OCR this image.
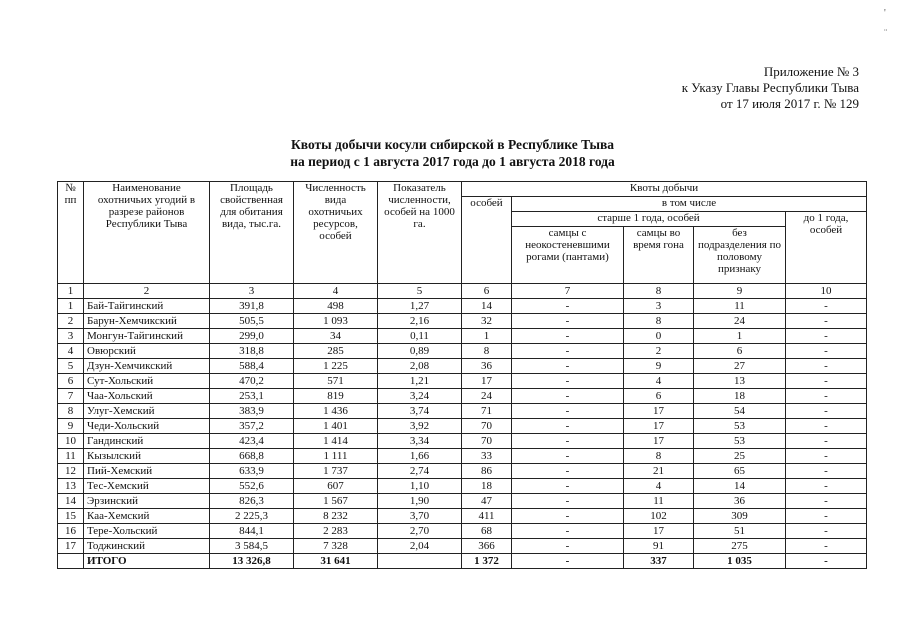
'
¨
Приложение № 3
к Указу Главы Республики Тыва
от 17 июля 2017 г. № 129
Квоты добычи косули сибирской в Республике Тыва
на период с 1 августа 2017 года до 1 августа 2018 года
№ пп	Наименование охотничьих угодий в разрезе районов Республики Тыва	Площадь свойственная для обитания вида, тыс.га.	Численность вида охотничьих ресурсов, особей	Показатель численности, особей на 1000 га.	Квоты добычи				
					особей	в том числе			
						старше 1 года, особей			до 1 года, особей
						самцы с неокостеневшими рогами (пантами)	самцы во время гона	без подразделения по половому признаку	
1	2	3	4	5	6	7	8	9	10
1	Бай-Тайгинский	391,8	498	1,27	14	-	3	11	-
2	Барун-Хемчикский	505,5	1 093	2,16	32	-	8	24	-
3	Монгун-Тайгинский	299,0	34	0,11	1	-	0	1	-
4	Овюрский	318,8	285	0,89	8	-	2	6	-
5	Дзун-Хемчикский	588,4	1 225	2,08	36	-	9	27	-
6	Сут-Хольский	470,2	571	1,21	17	-	4	13	-
7	Чаа-Хольский	253,1	819	3,24	24	-	6	18	-
8	Улуг-Хемский	383,9	1 436	3,74	71	-	17	54	-
9	Чеди-Хольский	357,2	1 401	3,92	70	-	17	53	-
10	Гандинский	423,4	1 414	3,34	70	-	17	53	-
11	Кызылский	668,8	1 111	1,66	33	-	8	25	-
12	Пий-Хемский	633,9	1 737	2,74	86	-	21	65	-
13	Тес-Хемский	552,6	607	1,10	18	-	4	14	-
14	Эрзинский	826,3	1 567	1,90	47	-	11	36	-
15	Каа-Хемский	2 225,3	8 232	3,70	411	-	102	309	-
16	Тере-Хольский	844,1	2 283	2,70	68	-	17	51	-
17	Тоджинский	3 584,5	7 328	2,04	366	-	91	275	-
	ИТОГО	13 326,8	31 641		1 372	-	337	1 035	-
